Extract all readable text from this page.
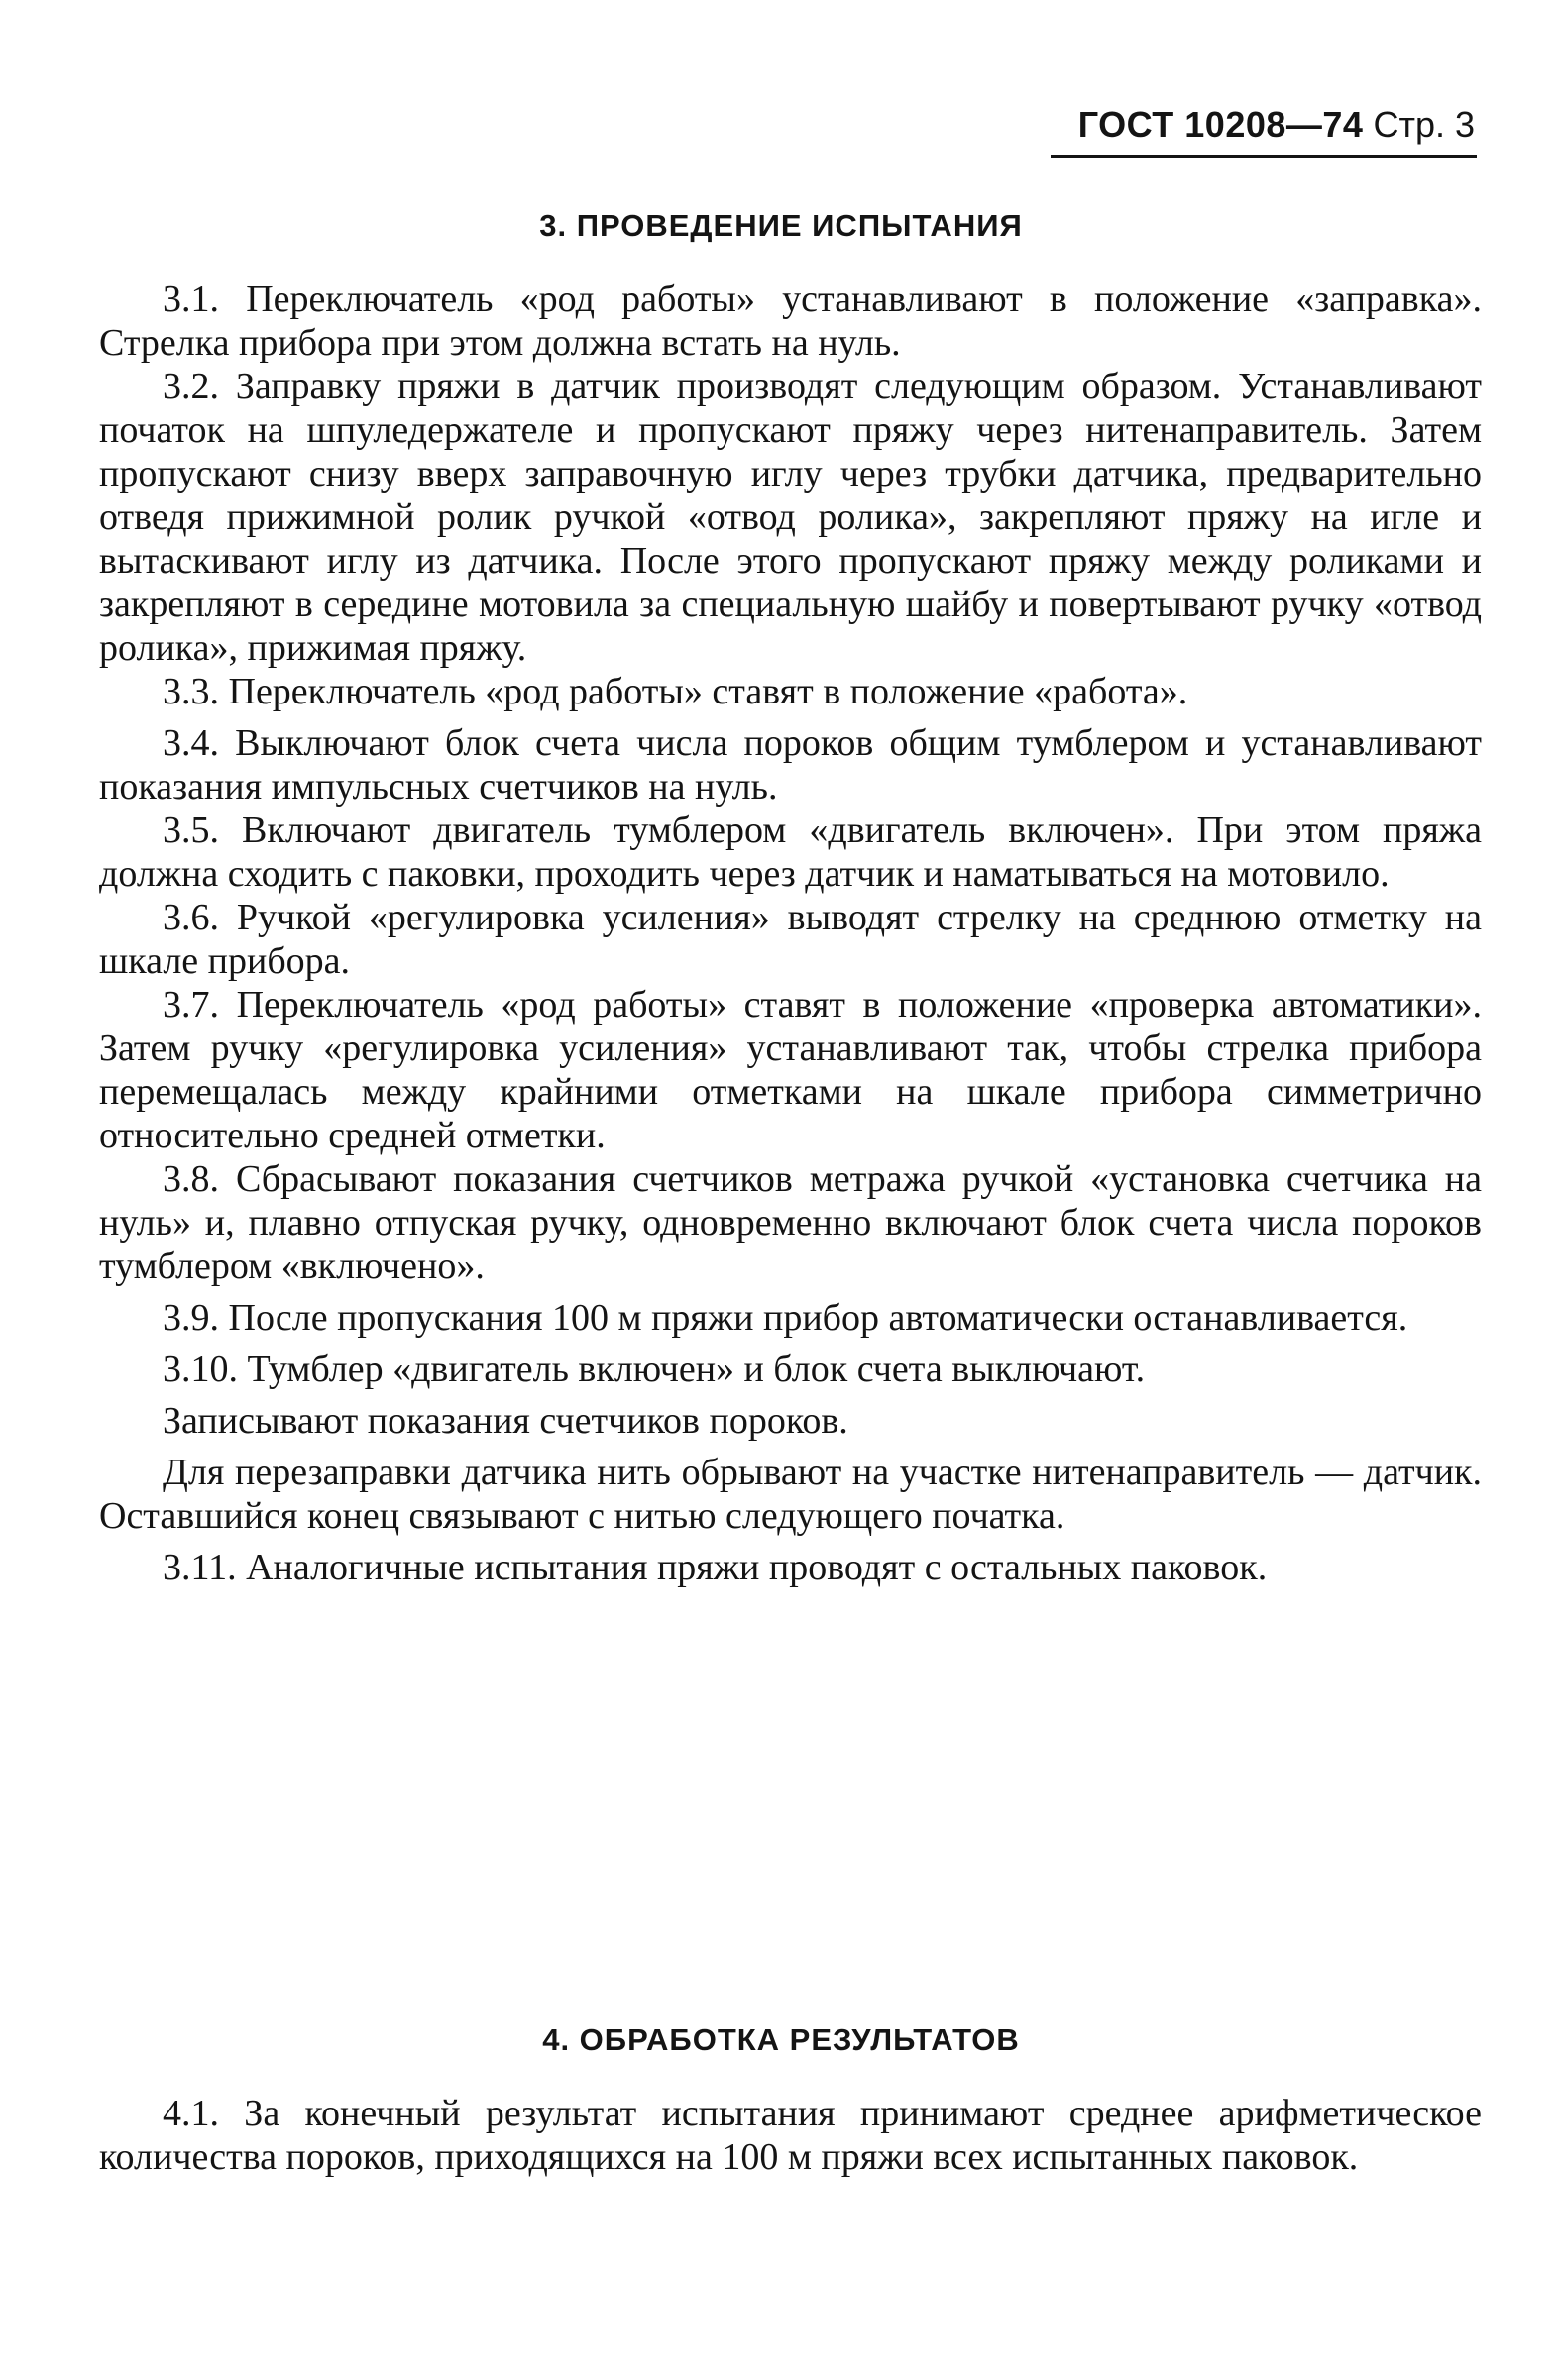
ГОСТ 10208—74 Стр. 3
3. ПРОВЕДЕНИЕ ИСПЫТАНИЯ

3.1. Переключатель «род работы» устанавливают в положение «заправка». Стрелка прибора при этом должна встать на нуль.

3.2. Заправку пряжи в датчик производят следующим образом. Устанавливают початок на шпуледержателе и пропускают пряжу через нитенаправитель. Затем пропускают снизу вверх заправочную иглу через трубки датчика, предварительно отведя прижимной ролик ручкой «отвод ролика», закрепляют пряжу на игле и вытаскивают иглу из датчика. После этого пропускают пряжу между роликами и закрепляют в середине мотовила за специальную шайбу и повертывают ручку «отвод ролика», прижимая пряжу.

3.3. Переключатель «род работы» ставят в положение «работа».

3.4. Выключают блок счета числа пороков общим тумблером и устанавливают показания импульсных счетчиков на нуль.

3.5. Включают двигатель тумблером «двигатель включен». При этом пряжа должна сходить с паковки, проходить через датчик и наматываться на мотовило.

3.6. Ручкой «регулировка усиления» выводят стрелку на среднюю отметку на шкале прибора.

3.7. Переключатель «род работы» ставят в положение «проверка автоматики». Затем ручку «регулировка усиления» устанавливают так, чтобы стрелка прибора перемещалась между крайними отметками на шкале прибора симметрично относительно средней отметки.

3.8. Сбрасывают показания счетчиков метража ручкой «установка счетчика на нуль» и, плавно отпуская ручку, одновременно включают блок счета числа пороков тумблером «включено».

3.9. После пропускания 100 м пряжи прибор автоматически останавливается.

3.10. Тумблер «двигатель включен» и блок счета выключают.

Записывают показания счетчиков пороков.

Для перезаправки датчика нить обрывают на участке нитенаправитель — датчик. Оставшийся конец связывают с нитью следующего початка.

3.11. Аналогичные испытания пряжи проводят с остальных паковок.

4. ОБРАБОТКА РЕЗУЛЬТАТОВ

4.1. За конечный результат испытания принимают среднее арифметическое количества пороков, приходящихся на 100 м пряжи всех испытанных паковок.
